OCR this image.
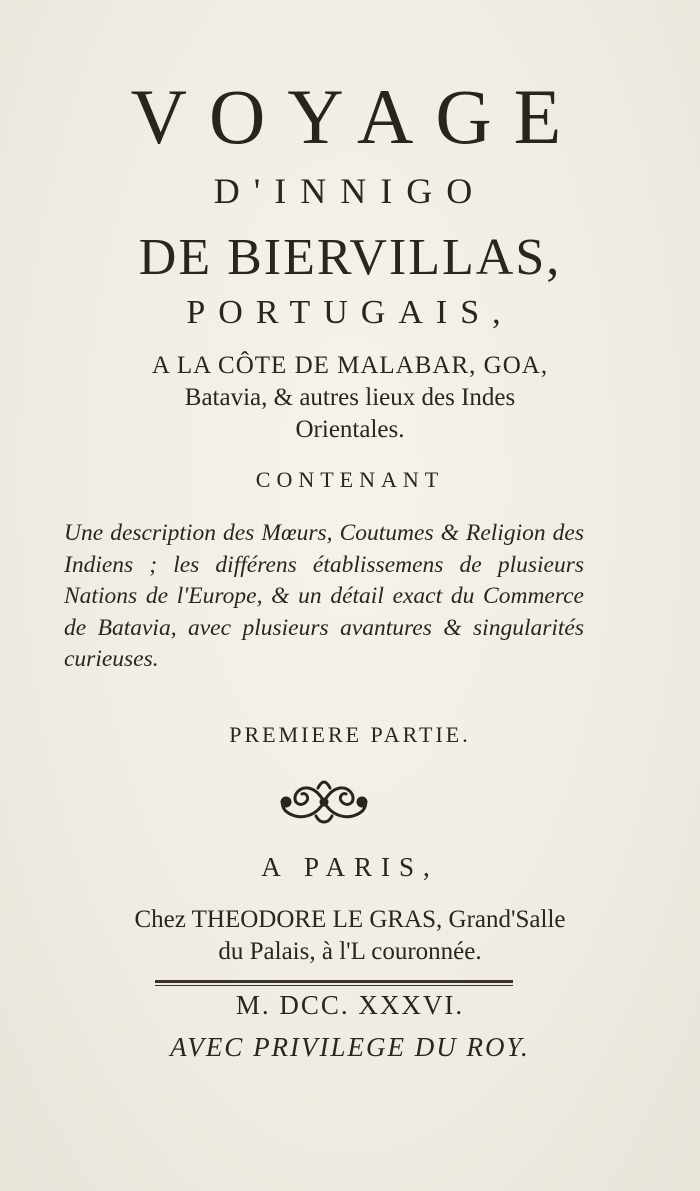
VOYAGE
D'INNIGO
DE BIERVILLAS,
PORTUGAIS,
A LA CÔTE DE MALABAR, GOA,
Batavia, & autres lieux des Indes
Orientales.
CONTENANT
Une description des Mœurs, Coutumes & Religion des Indiens ; les différens établissemens de plusieurs Nations de l'Europe, & un détail exact du Commerce de Batavia, avec plusieurs avantures & singularités curieuses.
PREMIERE PARTIE.
A PARIS,
Chez THEODORE LE GRAS, Grand'Salle
du Palais, à l'L couronnée.
M. DCC. XXXVI.
AVEC PRIVILEGE DU ROY.
